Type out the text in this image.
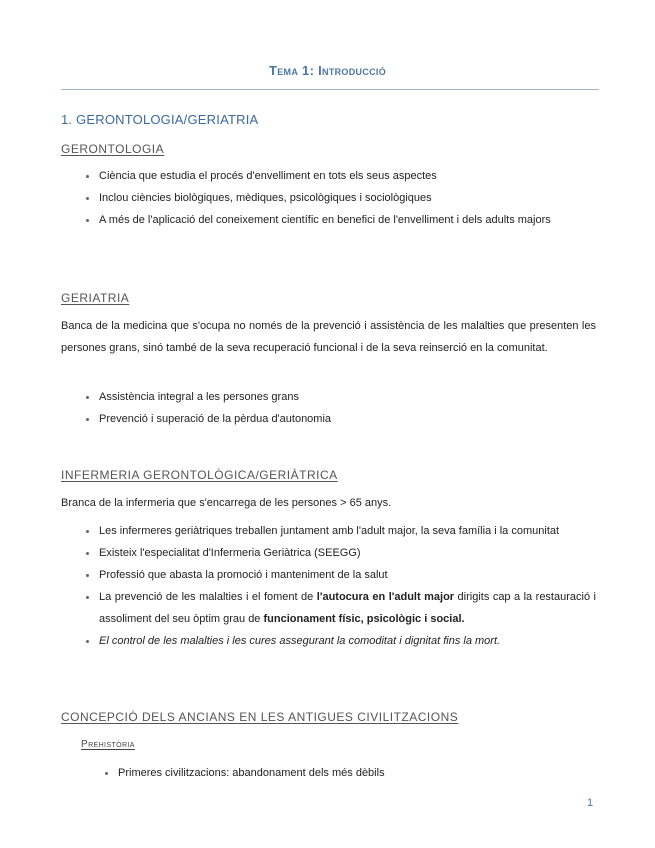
Tema 1: Introducció
1. GERONTOLOGIA/GERIATRIA
GERONTOLOGIA
Ciència que estudia el procés d'envelliment en tots els seus aspectes
Inclou ciències biològiques, mèdiques, psicològiques i sociològiques
A més de l'aplicació del coneixement científic en benefici de l'envelliment i dels adults majors
GERIATRIA
Banca de la medicina que s'ocupa no només de la prevenció i assistència de les malalties que presenten les persones grans, sinó també de la seva recuperació funcional i de la seva reinserció en la comunitat.
Assistència integral a les persones grans
Prevenció i superació de la pèrdua d'autonomia
INFERMERIA GERONTOLÒGICA/GERIÀTRICA
Branca de la infermeria que s'encarrega de les persones > 65 anys.
Les infermeres geriàtriques treballen juntament amb l'adult major, la seva família i la comunitat
Existeix l'especialitat d'Infermeria Geriàtrica (SEEGG)
Professió que abasta la promoció i manteniment de la salut
La prevenció de les malalties i el foment de l'autocura en l'adult major dirigits cap a la restauració i assoliment del seu òptim grau de funcionament físic, psicològic i social.
El control de les malalties i les cures assegurant la comoditat i dignitat fins la mort.
CONCEPCIÓ DELS ANCIANS EN LES ANTIGUES CIVILITZACIONS
Prehistòria
Primeres civilitzacions: abandonament dels més dèbils
1
